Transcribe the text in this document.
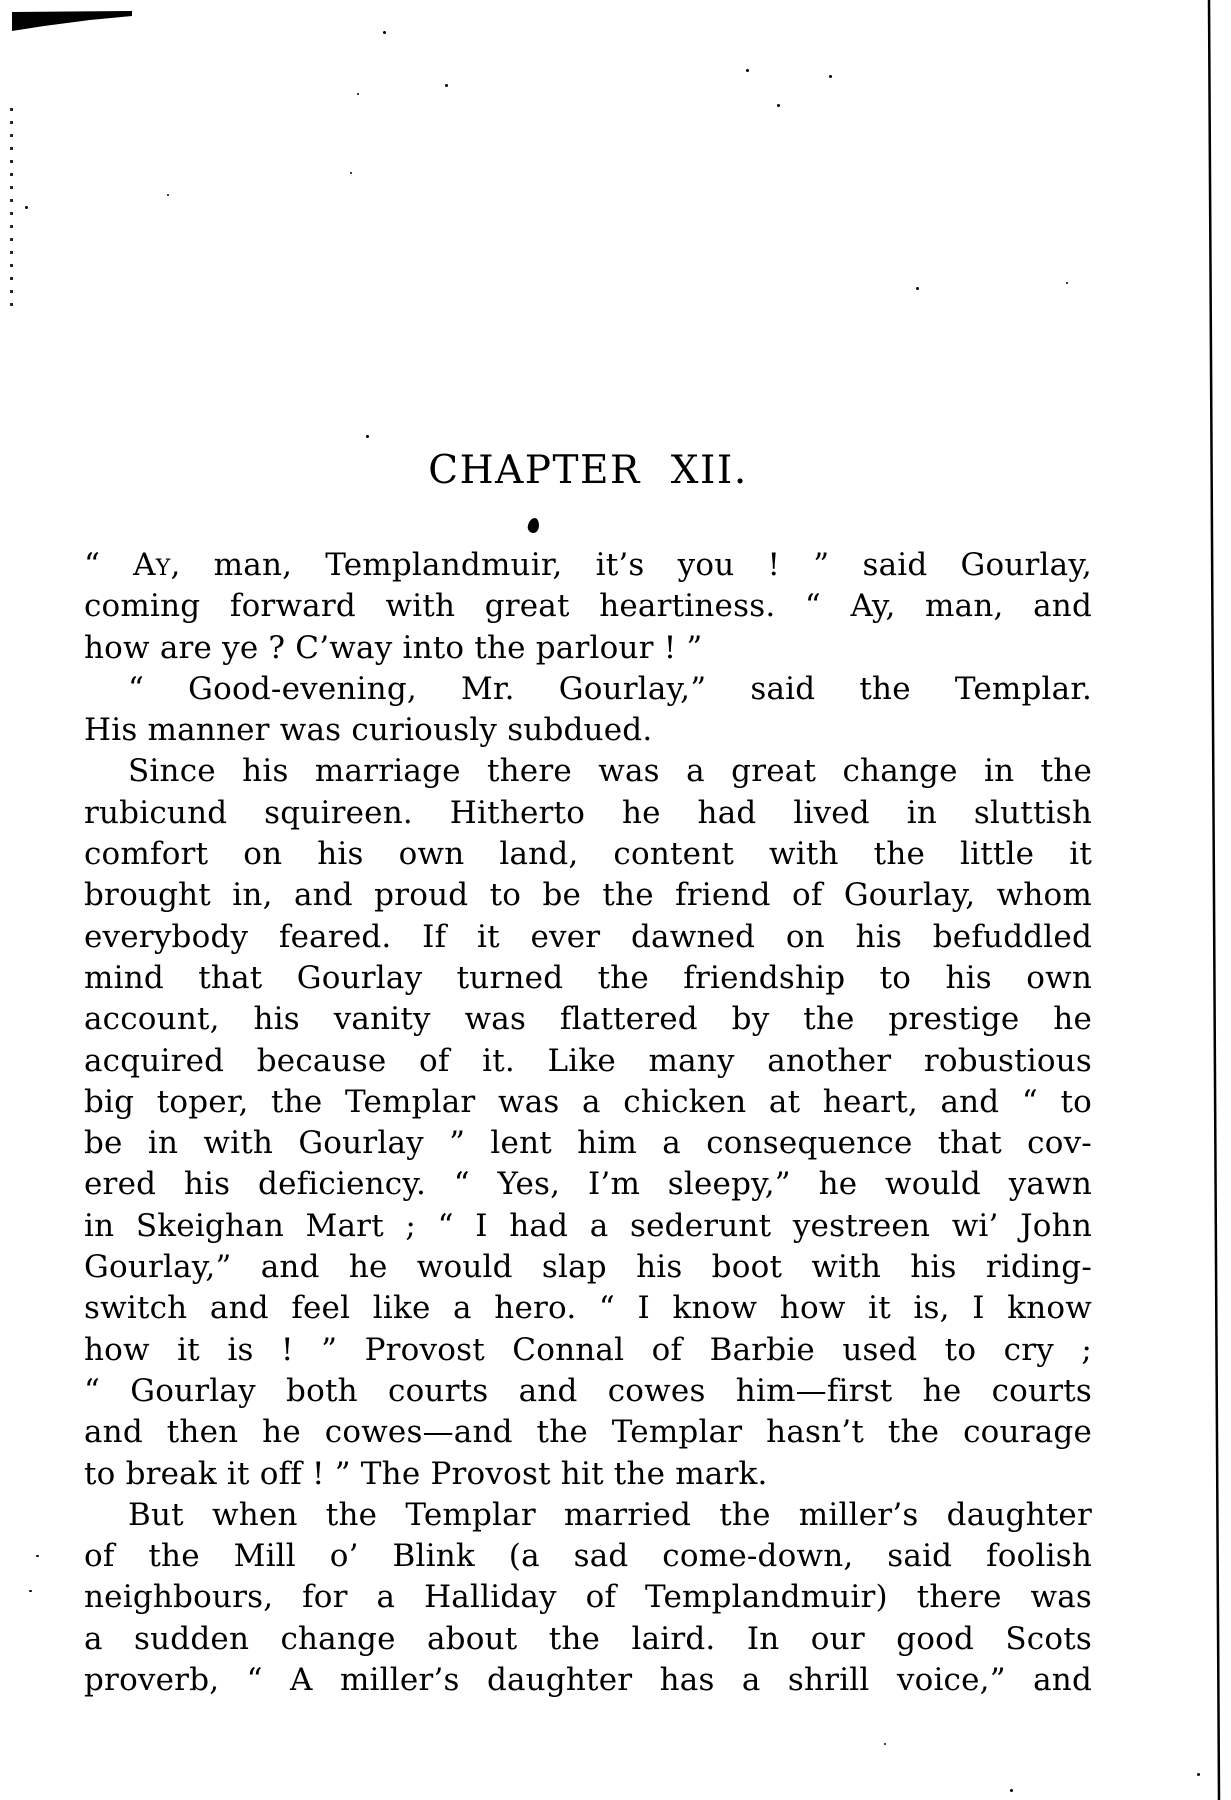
CHAPTER XII.
“ Ay, man, Templandmuir, it’s you ! ” said Gourlay,
coming forward with great heartiness. “ Ay, man, and
how are ye ? C’way into the parlour ! ”
“ Good-evening, Mr. Gourlay,” said the Templar.
His manner was curiously subdued.
Since his marriage there was a great change in the
rubicund squireen. Hitherto he had lived in sluttish
comfort on his own land, content with the little it
brought in, and proud to be the friend of Gourlay, whom
everybody feared. If it ever dawned on his befuddled
mind that Gourlay turned the friendship to his own
account, his vanity was flattered by the prestige he
acquired because of it. Like many another robustious
big toper, the Templar was a chicken at heart, and “ to
be in with Gourlay ” lent him a consequence that cov-
ered his deficiency. “ Yes, I’m sleepy,” he would yawn
in Skeighan Mart ; “ I had a sederunt yestreen wi’ John
Gourlay,” and he would slap his boot with his riding-
switch and feel like a hero. “ I know how it is, I know
how it is ! ” Provost Connal of Barbie used to cry ;
“ Gourlay both courts and cowes him—first he courts
and then he cowes—and the Templar hasn’t the courage
to break it off ! ” The Provost hit the mark.
But when the Templar married the miller’s daughter
of the Mill o’ Blink (a sad come-down, said foolish
neighbours, for a Halliday of Templandmuir) there was
a sudden change about the laird. In our good Scots
proverb, “ A miller’s daughter has a shrill voice,” and
